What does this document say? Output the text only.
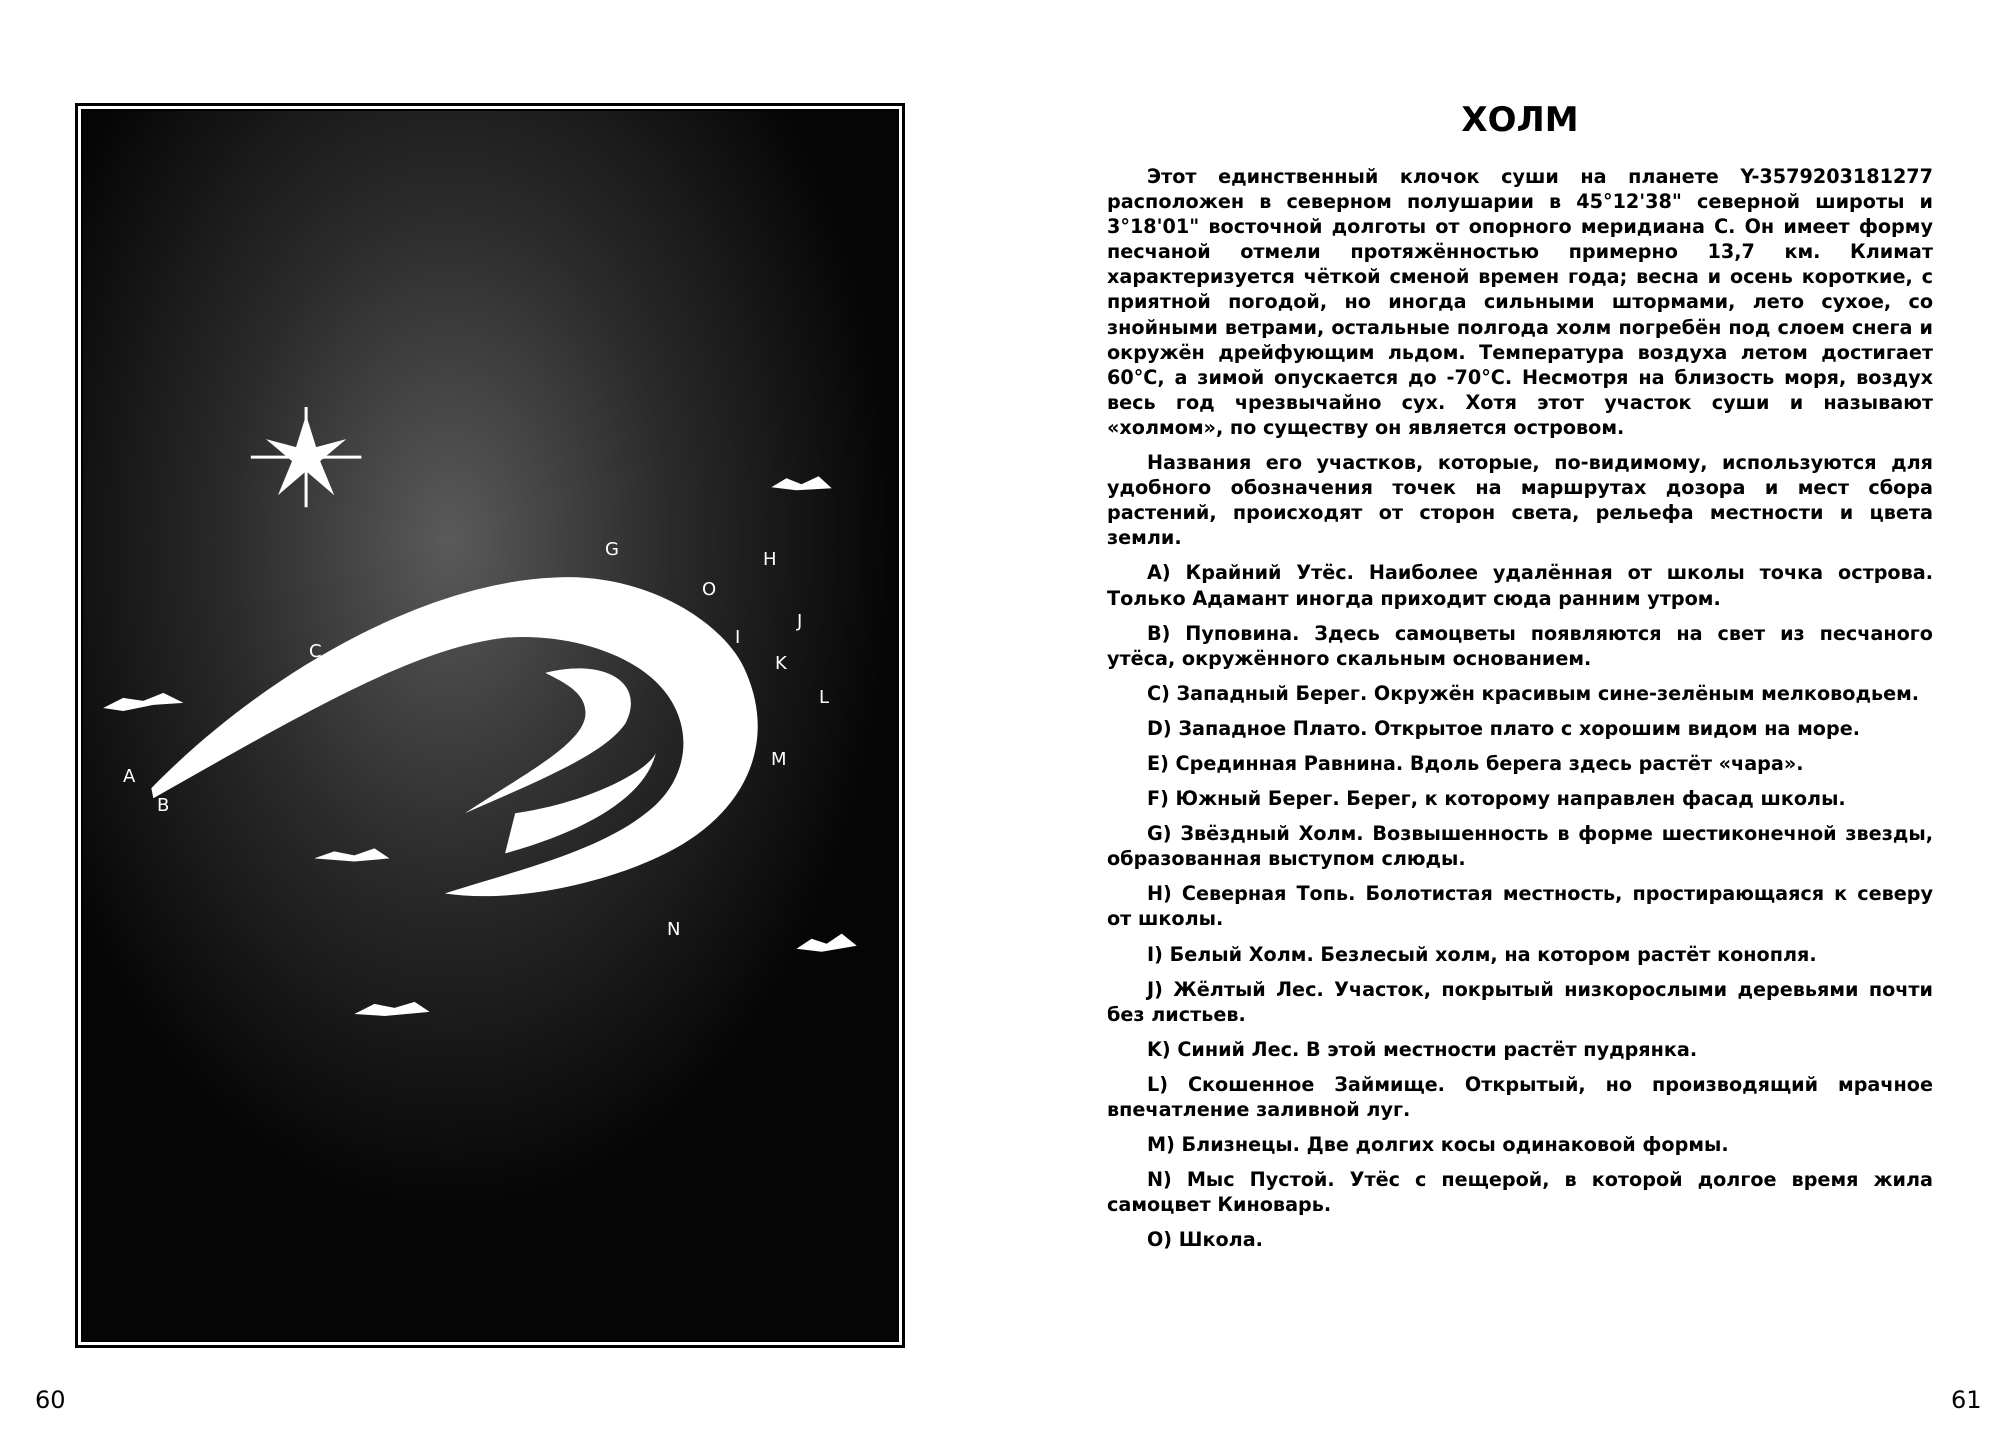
A
B
C
D	E	F
G	H
I
J
K
L
M
N
O
60
ХОЛМ

Этот единственный клочок суши на планете Y-3579203181277 расположен в северном полушарии в 45°12'38" северной широты и 3°18'01" восточной долготы от опорного меридиана С. Он имеет форму песчаной отмели протяжённостью примерно 13,7 км. Климат характеризуется чёткой сменой времен года; весна и осень короткие, с приятной погодой, но иногда сильными штормами, лето сухое, со знойными ветрами, остальные полгода холм погребён под слоем снега и окружён дрейфующим льдом. Температура воздуха летом достигает 60°С, а зимой опускается до -70°С. Несмотря на близость моря, воздух весь год чрезвычайно сух. Хотя этот участок суши и называют «холмом», по существу он является островом.

Названия его участков, которые, по-видимому, используются для удобного обозначения точек на маршрутах дозора и мест сбора растений, происходят от сторон света, рельефа местности и цвета земли.

A) Крайний Утёс. Наиболее удалённая от школы точка острова. Только Адамант иногда приходит сюда ранним утром.

B) Пуповина. Здесь самоцветы появляются на свет из песчаного утёса, окружённого скальным основанием.

C) Западный Берег. Окружён красивым сине-зелёным мелководьем.

D) Западное Плато. Открытое плато с хорошим видом на море.

E) Срединная Равнина. Вдоль берега здесь растёт «чара».

F) Южный Берег. Берег, к которому направлен фасад школы.

G) Звёздный Холм. Возвышенность в форме шестиконечной звезды, образованная выступом слюды.

H) Северная Топь. Болотистая местность, простирающаяся к северу от школы.

I) Белый Холм. Безлесый холм, на котором растёт конопля.

J) Жёлтый Лес. Участок, покрытый низкорослыми деревьями почти без листьев.

K) Синий Лес. В этой местности растёт пудрянка.

L) Скошенное Займище. Открытый, но производящий мрачное впечатление заливной луг.

M) Близнецы. Две долгих косы одинаковой формы.

N) Мыс Пустой. Утёс с пещерой, в которой долгое время жила самоцвет Киноварь.

O) Школа.

61
